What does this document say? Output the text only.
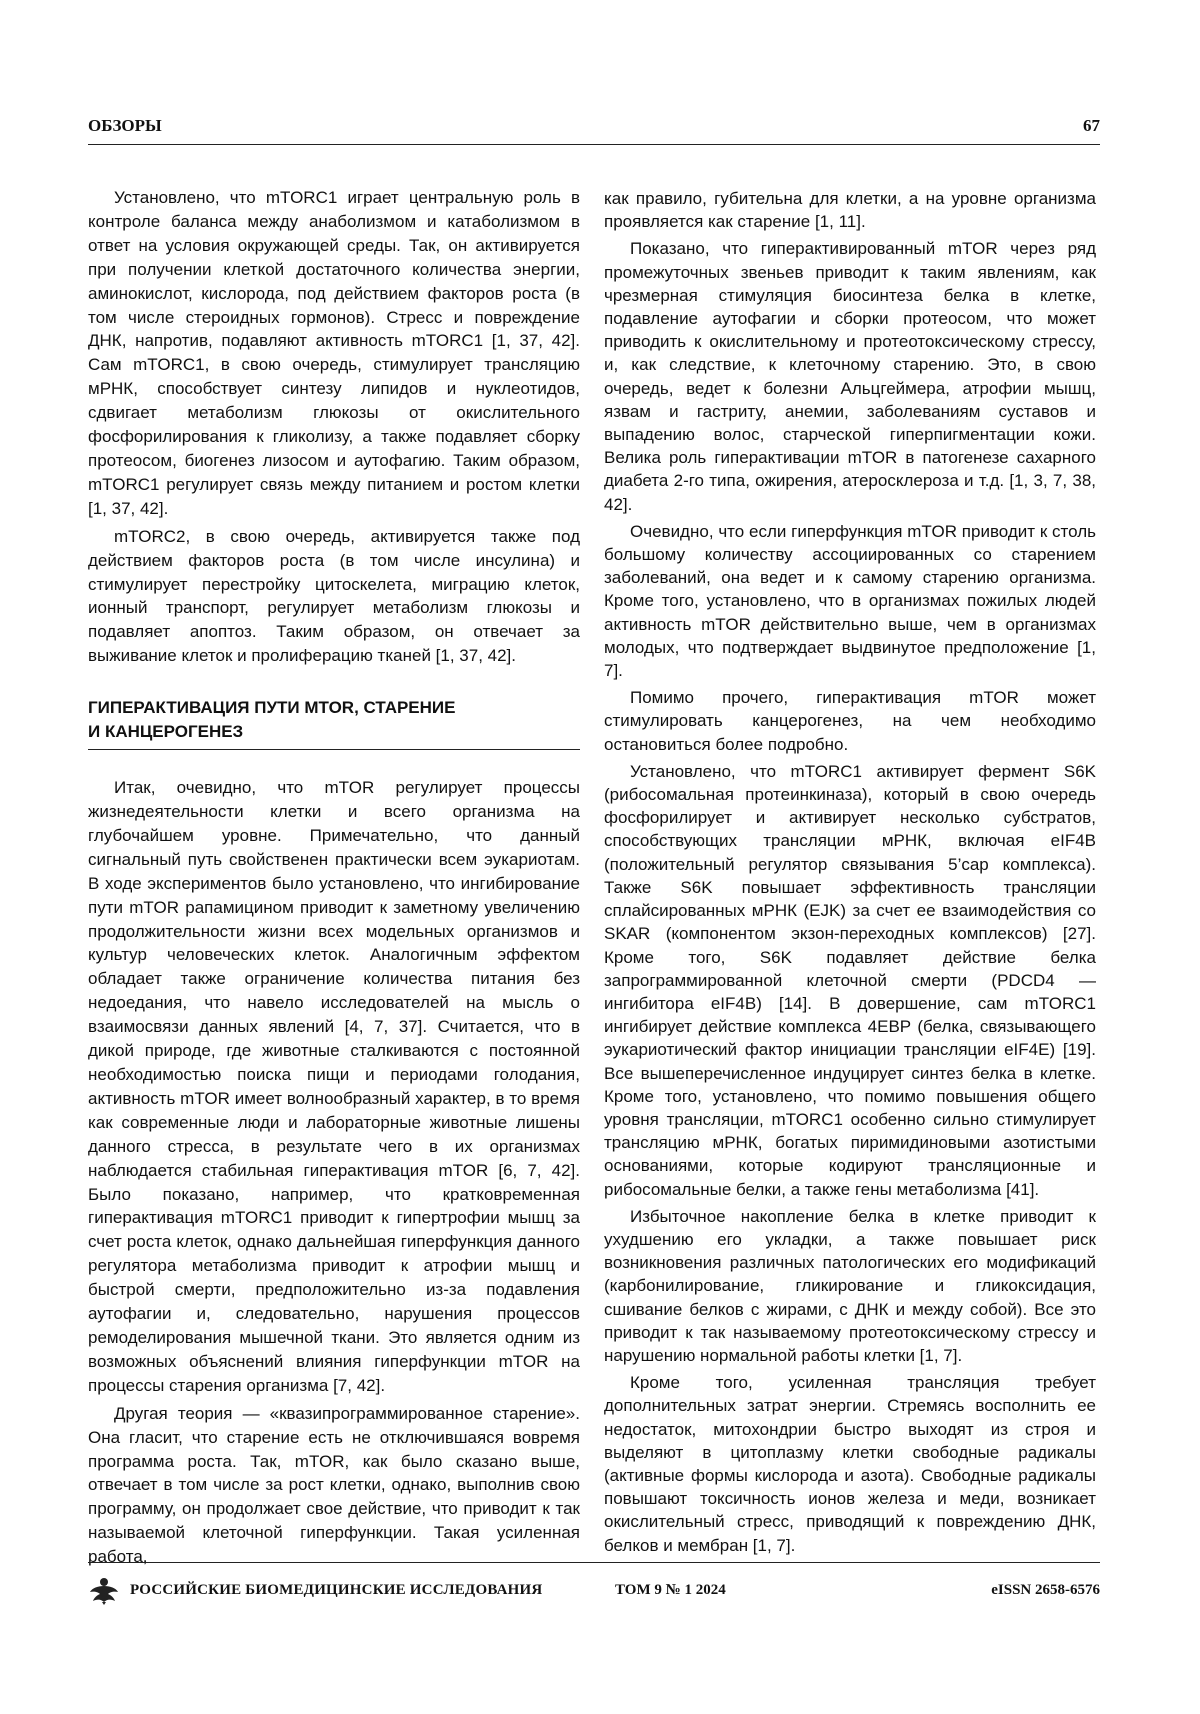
ОБЗОРЫ	67

Установлено, что mTORC1 играет центральную роль в контроле баланса между анаболизмом и катаболизмом в ответ на условия окружающей среды. Так, он активируется при получении клеткой достаточного количества энергии, аминокислот, кислорода, под действием факторов роста (в том числе стероидных гормонов). Стресс и повреждение ДНК, напротив, подавляют активность mTORC1 [1, 37, 42]. Сам mTORC1, в свою очередь, стимулирует трансляцию мРНК, способствует синтезу липидов и нуклеотидов, сдвигает метаболизм глюкозы от окислительного фосфорилирования к гликолизу, а также подавляет сборку протеосом, биогенез лизосом и аутофагию. Таким образом, mTORC1 регулирует связь между питанием и ростом клетки [1, 37, 42].

mTORC2, в свою очередь, активируется также под действием факторов роста (в том числе инсулина) и стимулирует перестройку цитоскелета, миграцию клеток, ионный транспорт, регулирует метаболизм глюкозы и подавляет апоптоз. Таким образом, он отвечает за выживание клеток и пролиферацию тканей [1, 37, 42].

ГИПЕРАКТИВАЦИЯ ПУТИ MTOR, СТАРЕНИЕ
И КАНЦЕРОГЕНЕЗ

Итак, очевидно, что mTOR регулирует процессы жизнедеятельности клетки и всего организма на глубочайшем уровне. Примечательно, что данный сигнальный путь свойственен практически всем эукариотам. В ходе экспериментов было установлено, что ингибирование пути mTOR рапамицином приводит к заметному увеличению продолжительности жизни всех модельных организмов и культур человеческих клеток. Аналогичным эффектом обладает также ограничение количества питания без недоедания, что навело исследователей на мысль о взаимосвязи данных явлений [4, 7, 37]. Считается, что в дикой природе, где животные сталкиваются с постоянной необходимостью поиска пищи и периодами голодания, активность mTOR имеет волнообразный характер, в то время как современные люди и лабораторные животные лишены данного стресса, в результате чего в их организмах наблюдается стабильная гиперактивация mTOR [6, 7, 42]. Было показано, например, что кратковременная гиперактивация mTORC1 приводит к гипертрофии мышц за счет роста клеток, однако дальнейшая гиперфункция данного регулятора метаболизма приводит к атрофии мышц и быстрой смерти, предположительно из-за подавления аутофагии и, следовательно, нарушения процессов ремоделирования мышечной ткани. Это является одним из возможных объяснений влияния гиперфункции mTOR на процессы старения организма [7, 42].

Другая теория — «квазипрограммированное старение». Она гласит, что старение есть не отключившаяся вовремя программа роста. Так, mTOR, как было сказано выше, отвечает в том числе за рост клетки, однако, выполнив свою программу, он продолжает свое действие, что приводит к так называемой клеточной гиперфункции. Такая усиленная работа,

как правило, губительна для клетки, а на уровне организма проявляется как старение [1, 11].

Показано, что гиперактивированный mTOR через ряд промежуточных звеньев приводит к таким явлениям, как чрезмерная стимуляция биосинтеза белка в клетке, подавление аутофагии и сборки протеосом, что может приводить к окислительному и протеотоксическому стрессу, и, как следствие, к клеточному старению. Это, в свою очередь, ведет к болезни Альцгеймера, атрофии мышц, язвам и гастриту, анемии, заболеваниям суставов и выпадению волос, старческой гиперпигментации кожи. Велика роль гиперактивации mTOR в патогенезе сахарного диабета 2-го типа, ожирения, атеросклероза и т.д. [1, 3, 7, 38, 42].

Очевидно, что если гиперфункция mTOR приводит к столь большому количеству ассоциированных со старением заболеваний, она ведет и к самому старению организма. Кроме того, установлено, что в организмах пожилых людей активность mTOR действительно выше, чем в организмах молодых, что подтверждает выдвинутое предположение [1, 7].

Помимо прочего, гиперактивация mTOR может стимулировать канцерогенез, на чем необходимо остановиться более подробно.

Установлено, что mTORC1 активирует фермент S6K (рибосомальная протеинкиназа), который в свою очередь фосфорилирует и активирует несколько субстратов, способствующих трансляции мРНК, включая eIF4B (положительный регулятор связывания 5’cap комплекса). Также S6K повышает эффективность трансляции сплайсированных мРНК (EJK) за счет ее взаимодействия со SKAR (компонентом экзон-переходных комплексов) [27]. Кроме того, S6K подавляет действие белка запрограммированной клеточной смерти (PDCD4 — ингибитора eIF4B) [14]. В довершение, сам mTORC1 ингибирует действие комплекса 4EBP (белка, связывающего эукариотический фактор инициации трансляции eIF4E) [19]. Все вышеперечисленное индуцирует синтез белка в клетке. Кроме того, установлено, что помимо повышения общего уровня трансляции, mTORC1 особенно сильно стимулирует трансляцию мРНК, богатых пиримидиновыми азотистыми основаниями, которые кодируют трансляционные и рибосомальные белки, а также гены метаболизма [41].

Избыточное накопление белка в клетке приводит к ухудшению его укладки, а также повышает риск возникновения различных патологических его модификаций (карбонилирование, гликирование и гликоксидация, сшивание белков с жирами, с ДНК и между собой). Все это приводит к так называемому протеотоксическому стрессу и нарушению нормальной работы клетки [1, 7].

Кроме того, усиленная трансляция требует дополнительных затрат энергии. Стремясь восполнить ее недостаток, митохондрии быстро выходят из строя и выделяют в цитоплазму клетки свободные радикалы (активные формы кислорода и азота). Свободные радикалы повышают токсичность ионов железа и меди, возникает окислительный стресс, приводящий к повреждению ДНК, белков и мембран [1, 7].

РОССИЙСКИЕ БИОМЕДИЦИНСКИЕ ИССЛЕДОВАНИЯ	ТОМ 9 № 1 2024	eISSN 2658-6576
